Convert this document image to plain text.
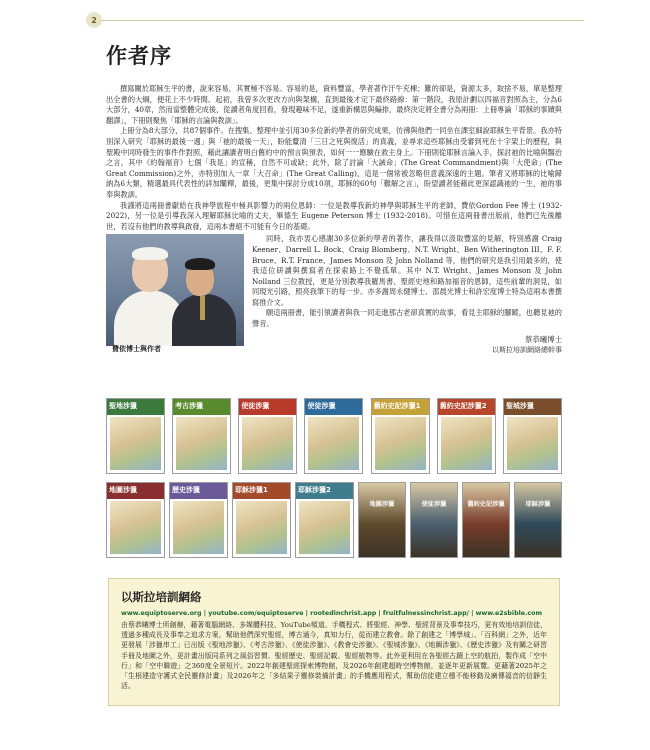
2
作者序

撰寫關於耶穌生平的書，說來容易，其實極不容易。容易的是，資料豐富，學者著作汗牛充棟；難的卻是，資源太多，取捨不易，單是整理出全書的大綱，便花上不少時間。起初，我曾多次更改方向與架構，直到最後才定下最終路線：第一階段，我原計劃以四福音對照為主，分為6大部分，40章，然而當整體完成後，從讀者角度回看，發現趣味不足，遂重新構思與編排，最終決定將全書分為兩冊：上冊專論「耶穌的事蹟與翻譯」，下冊則聚焦「耶穌的言論與教訓」。

上冊分為8大部分，共87個事件。在搜集、整理中並引用30多位新約學者的研究成果，彷彿與他們一同坐在課室細說耶穌生平背景。我亦特別深入研究「耶穌的最後一週」與「祂的最後一天」，盼能釐清「三日之死與復活」的真義，並尋求這些耶穌由受審到死在十字架上的歷程，與聖殿中同時發生的事件作對照，藉此讓讀者明白舊約中的預言與預表，如何一一應驗在救主身上。下冊則從耶穌言論入手，探討祂的比喻與醫治之言，其中《約翰福音》七個「我是」的宣稱，自然不可或缺；此外，除了討論「大誡命」(The Great Commandment)與「大使命」(The Great Commission)之外，亦特別加入一章「大召命」(The Great Calling)，這是一個常被忽略但意義深遠的主題。筆者又將耶穌的比喻歸納為6大類，精選最具代表性的詳加闡釋，最後，更集中探討分成10項，耶穌的60句「難解之言」，盼望讀者能藉此更深認識祂的一生，祂的事奉與教訓。

我謹將這兩冊書獻給在我神學旅程中極具影響力的兩位恩師：一位是教導我新約神學與耶穌生平的老師，費依Gordon Fee 博士 (1932-2022)，另一位是引導我深入理解耶穌比喻的丈夫，畢德生 Eugene Peterson 博士 (1932-2018)。可惜在這兩冊書出版前，他們已先後離世，若沒有他們的教導與啟發，這兩本書絕不可能有今日的基礎。

費依博士與作者

同時，我亦衷心感謝30多位新約學者的著作，讓我得以汲取豐富的見解，特別感謝 Craig Keener、Darrell L. Bock、Craig Blomberg、N.T. Wright、Ben Witherington III、F. F. Bruce、R.T. France、James Monson 及 John Nolland 等，他們的研究是我引用最多的，使我這位研讀與撰寫者在探索路上不覺孤單。其中 N.T. Wright、James Monson 及 John Nolland 三位教授，更是分別教導我羅馬書、聖經史地和路加福音的恩師，這些前輩的洞見，如同現光引路，照亮我筆下的每一步。亦多謝周永健博士、邵晨光博士和許宏度博士特為這兩本書撰寫推介文。

願這兩冊書，能引領讀者與我一同走進那古老卻真實的故事，看見主耶穌的腳蹤，也聽見祂的聲音。

蔡恭曦博士
以斯拉培訓網絡總幹事
聖地涉獵	考古涉獵	使徒涉獵	使徒涉獵	舊約史記涉獵1	舊約史記涉獵2	聖城涉獵
地圖涉獵	歷史涉獵	耶穌涉獵1	耶穌涉獵2
地圖涉獵	使徒涉獵	舊約史記涉獵	耶穌涉獵
以斯拉培訓網絡
www.equiptoserve.org | youtube.com/equiptoserve | rootedinchrist.app | fruitfulnessinchrist.app/ | www.e2sbible.com

由蔡恭曦博士所創辦，藉著電腦網絡、多媒體科技、YouTube頻道、手機程式、將聖經、神學、聖經背景及事奉技巧，更有效地培訓信徒，透過多種成長及事奉之追求方案，幫助他們深究聖經，博古通今，真知力行，從而建立教會。除了創建之「博學城」、「百科網」之外，近年更發展「涉獵串工」已出版《聖地涉獵》、《考古涉獵》、《使徒涉獵》、《教會史涉獵》、《聖城涉獵》、《地圖涉獵》、《歷史涉獵》及有關之研習手冊及地圖之外，更計畫出版同系列之風俗習慣、聖經歷史、聖經記載、聖經植物等。此外更利用在各聖經古蹟上空的航拍，製作成「空中行」和「空中聯遊」之360度全景短片。2022年創建聖經探索博物館，及2026年創建超時空博物館，並逐年更新展覽。更藉著2025年之「生根建造守護式全民靈修計畫」及2026年之「多結果子靈修裝備計畫」的手機應用程式，幫助信徒建立穩不能移動及廣傳福音的信靜生活。
